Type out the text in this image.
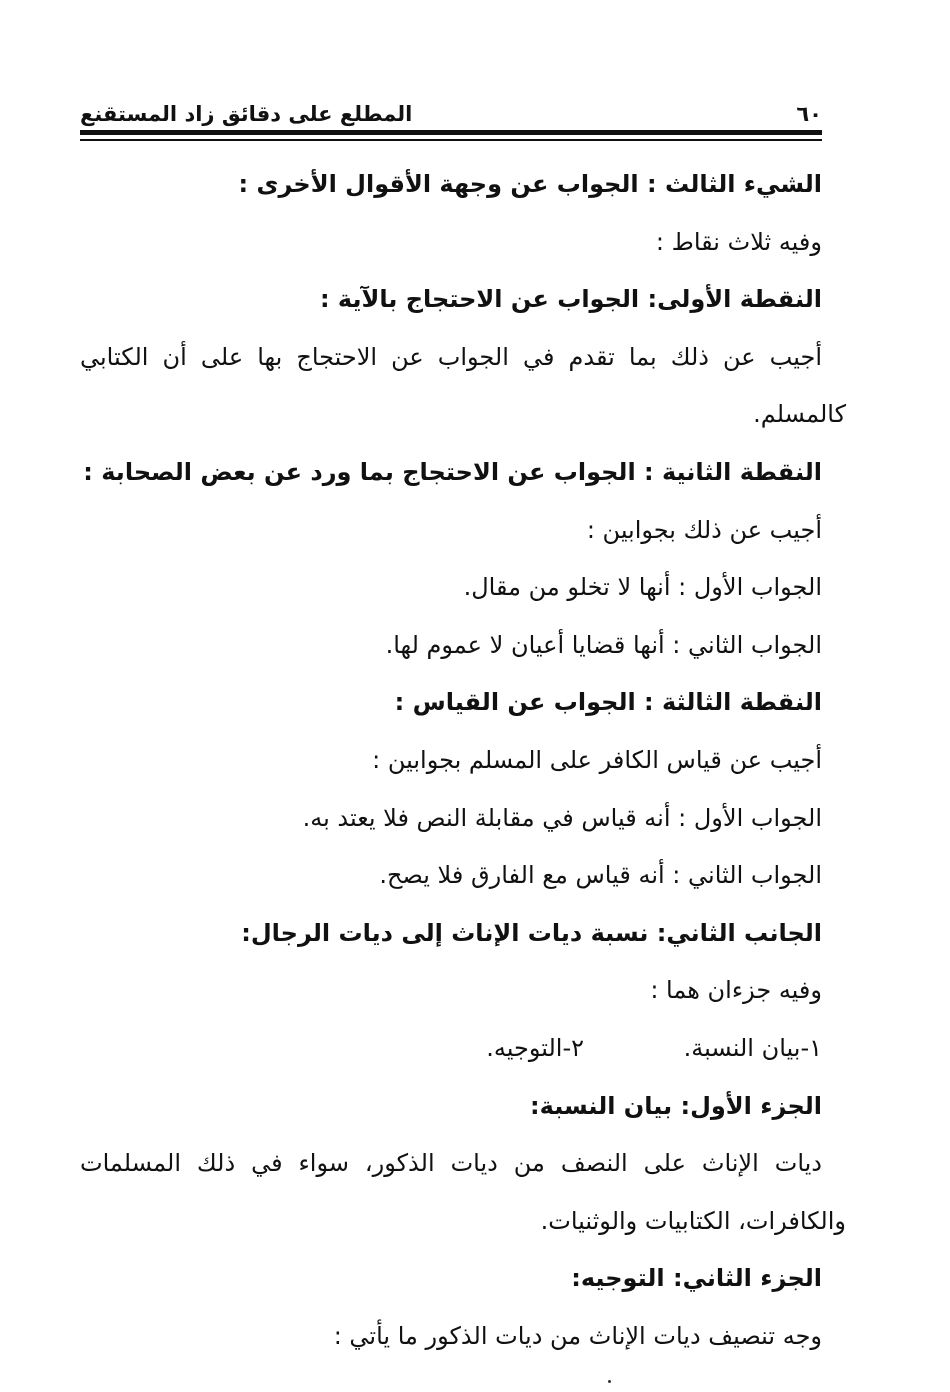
٦٠
المطلع على دقائق زاد المستقنع

الشيء الثالث : الجواب عن وجهة الأقوال الأخرى :

وفيه ثلاث نقاط :

النقطة الأولى: الجواب عن الاحتجاج بالآية :

أجيب عن ذلك بما تقدم في الجواب عن الاحتجاج بها على أن الكتابي

كالمسلم.

النقطة الثانية : الجواب عن الاحتجاج بما ورد عن بعض الصحابة :

أجيب عن ذلك بجوابين :

الجواب الأول : أنها لا تخلو من مقال.

الجواب الثاني : أنها قضايا أعيان لا عموم لها.

النقطة الثالثة : الجواب عن القياس :

أجيب عن قياس الكافر على المسلم بجوابين :

الجواب الأول : أنه قياس في مقابلة النص فلا يعتد به.

الجواب الثاني : أنه قياس مع الفارق فلا يصح.

الجانب الثاني: نسبة ديات الإناث إلى ديات الرجال:

وفيه جزءان هما :

١-بيان النسبة.
٢-التوجيه.

الجزء الأول: بيان النسبة:

ديات الإناث على النصف من ديات الذكور، سواء في ذلك المسلمات

والكافرات، الكتابيات والوثنيات.

الجزء الثاني: التوجيه:

وجه تنصيف ديات الإناث من ديات الذكور ما يأتي :
